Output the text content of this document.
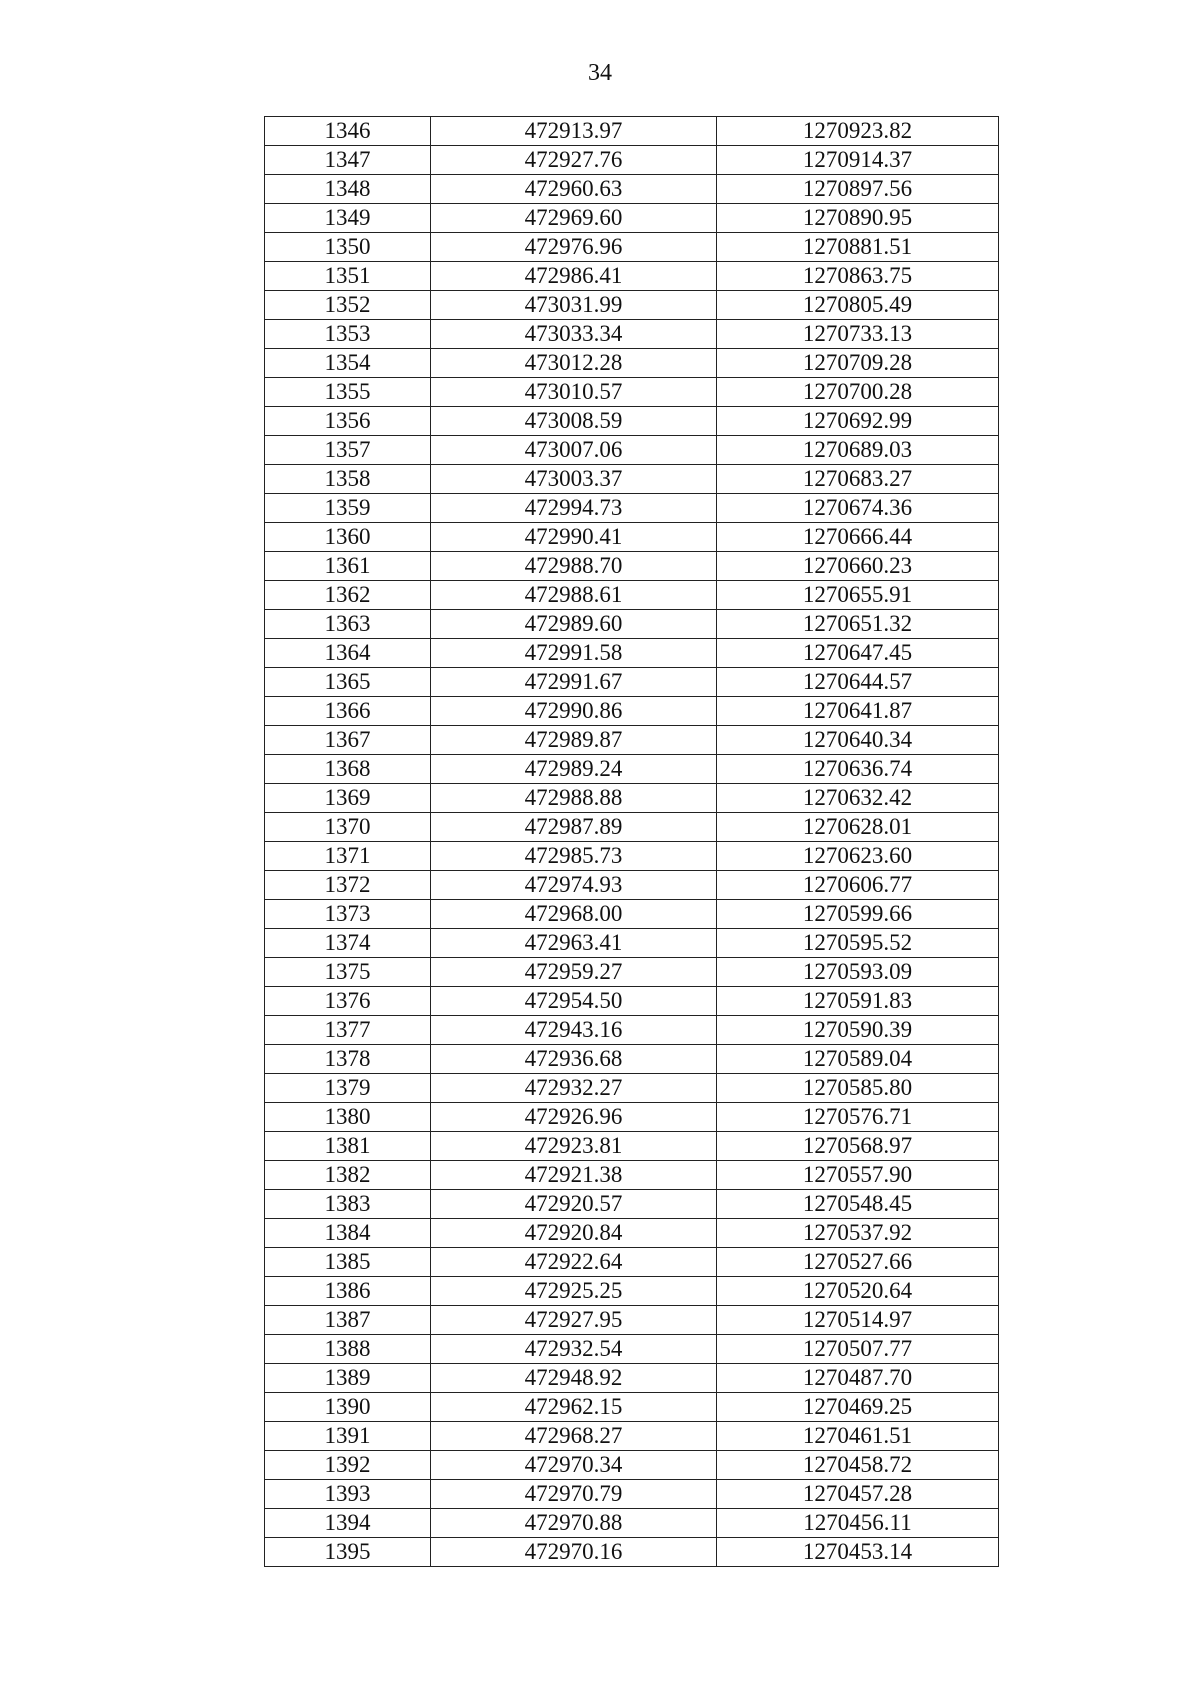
34
1346	472913.97	1270923.82
1347	472927.76	1270914.37
1348	472960.63	1270897.56
1349	472969.60	1270890.95
1350	472976.96	1270881.51
1351	472986.41	1270863.75
1352	473031.99	1270805.49
1353	473033.34	1270733.13
1354	473012.28	1270709.28
1355	473010.57	1270700.28
1356	473008.59	1270692.99
1357	473007.06	1270689.03
1358	473003.37	1270683.27
1359	472994.73	1270674.36
1360	472990.41	1270666.44
1361	472988.70	1270660.23
1362	472988.61	1270655.91
1363	472989.60	1270651.32
1364	472991.58	1270647.45
1365	472991.67	1270644.57
1366	472990.86	1270641.87
1367	472989.87	1270640.34
1368	472989.24	1270636.74
1369	472988.88	1270632.42
1370	472987.89	1270628.01
1371	472985.73	1270623.60
1372	472974.93	1270606.77
1373	472968.00	1270599.66
1374	472963.41	1270595.52
1375	472959.27	1270593.09
1376	472954.50	1270591.83
1377	472943.16	1270590.39
1378	472936.68	1270589.04
1379	472932.27	1270585.80
1380	472926.96	1270576.71
1381	472923.81	1270568.97
1382	472921.38	1270557.90
1383	472920.57	1270548.45
1384	472920.84	1270537.92
1385	472922.64	1270527.66
1386	472925.25	1270520.64
1387	472927.95	1270514.97
1388	472932.54	1270507.77
1389	472948.92	1270487.70
1390	472962.15	1270469.25
1391	472968.27	1270461.51
1392	472970.34	1270458.72
1393	472970.79	1270457.28
1394	472970.88	1270456.11
1395	472970.16	1270453.14
